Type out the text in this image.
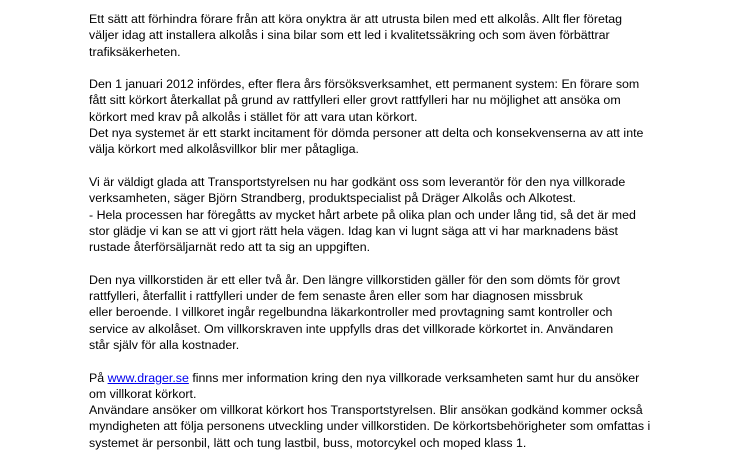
Ett sätt att förhindra förare från att köra onyktra är att utrusta bilen med ett alkolås. Allt fler företag
väljer idag att installera alkolås i sina bilar som ett led i kvalitetssäkring och som även förbättrar
trafiksäkerheten.

Den 1 januari 2012 infördes, efter flera års försöksverksamhet, ett permanent system: En förare som
fått sitt körkort återkallat på grund av rattfylleri eller grovt rattfylleri har nu möjlighet att ansöka om
körkort med krav på alkolås i stället för att vara utan körkort.

Det nya systemet är ett starkt incitament för dömda personer att delta och konsekvenserna av att inte
välja körkort med alkolåsvillkor blir mer påtagliga.

Vi är väldigt glada att Transportstyrelsen nu har godkänt oss som leverantör för den nya villkorade
verksamheten, säger Björn Strandberg, produktspecialist på Dräger Alkolås och Alkotest.

- Hela processen har föregåtts av mycket hårt arbete på olika plan och under lång tid, så det är med
stor glädje vi kan se att vi gjort rätt hela vägen. Idag kan vi lugnt säga att vi har marknadens bäst
rustade återförsäljarnät redo att ta sig an uppgiften.

Den nya villkorstiden är ett eller två år. Den längre villkorstiden gäller för den som dömts för grovt
rattfylleri, återfallit i rattfylleri under de fem senaste åren eller som har diagnosen missbruk
eller beroende. I villkoret ingår regelbundna läkarkontroller med provtagning samt kontroller och
service av alkolåset. Om villkorskraven inte uppfylls dras det villkorade körkortet in. Användaren
står själv för alla kostnader.

På www.drager.se finns mer information kring den nya villkorade verksamheten samt hur du ansöker
om villkorat körkort.

Användare ansöker om villkorat körkort hos Transportstyrelsen. Blir ansökan godkänd kommer också
myndigheten att följa personens utveckling under villkorstiden. De körkortsbehörigheter som omfattas i
systemet är personbil, lätt och tung lastbil, buss, motorcykel och moped klass 1.
